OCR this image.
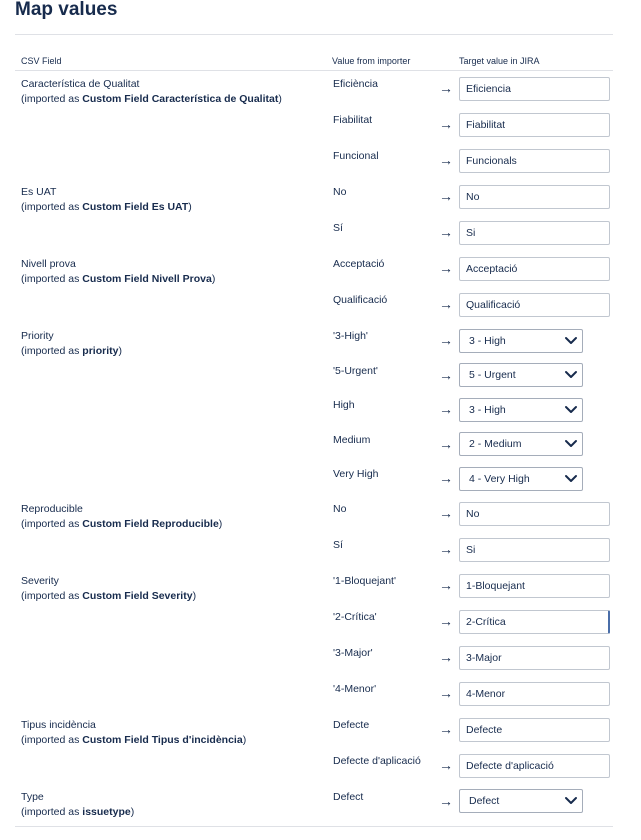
Map values
CSV Field	Value from importer	Target value in JIRA
Característica de Qualitat
(imported as Custom Field Característica de Qualitat)
Eficiència	→	Eficiencia
Fiabilitat	→	Fiabilitat
Funcional	→	Funcionals
Es UAT
(imported as Custom Field Es UAT)
No	→	No
Sí	→	Si
Nivell prova
(imported as Custom Field Nivell Prova)
Acceptació	→	Acceptació
Qualificació	→	Qualificació
Priority
(imported as priority)
'3-High'	→	3 - High
'5-Urgent'	→	5 - Urgent
High	→	3 - High
Medium	→	2 - Medium
Very High	→	4 - Very High
Reproducible
(imported as Custom Field Reproducible)
No	→	No
Sí	→	Si
Severity
(imported as Custom Field Severity)
'1-Bloquejant'	→	1-Bloquejant
'2-Crítica'	→	2-Crítica
'3-Major'	→	3-Major
'4-Menor'	→	4-Menor
Tipus incidència
(imported as Custom Field Tipus d'incidència)
Defecte	→	Defecte
Defecte d'aplicació →	Defecte d'aplicació
Type
(imported as issuetype)
Defect	→	Defect
